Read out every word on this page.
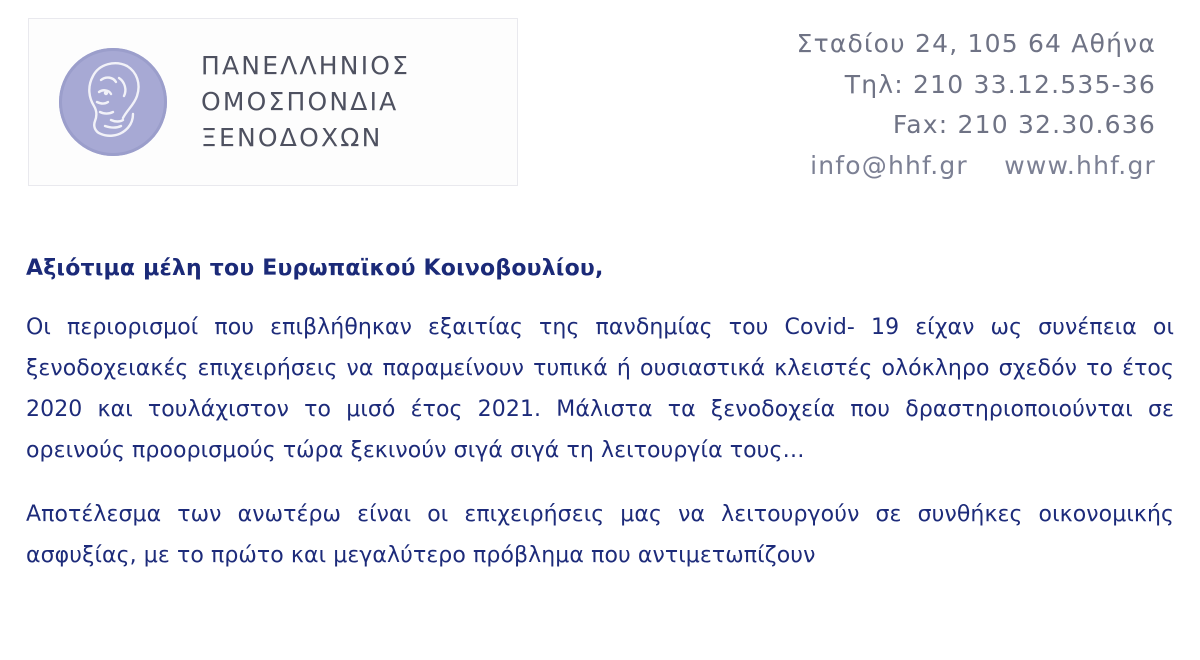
ΠΑΝΕΛΛΗΝΙΟΣ
ΟΜΟΣΠΟΝΔΙΑ
ΞΕΝΟΔΟΧΩΝ
Σταδίου 24, 105 64 Αθήνα
Τηλ: 210 33.12.535-36
Fax: 210 32.30.636
info@hhf.gr www.hhf.gr
Αξιότιμα μέλη του Ευρωπαϊκού Κοινοβουλίου,

Οι περιορισμοί που επιβλήθηκαν εξαιτίας της πανδημίας του Covid- 19 είχαν ως συνέπεια οι ξενοδοχειακές επιχειρήσεις να παραμείνουν τυπικά ή ουσιαστικά κλειστές ολόκληρο σχεδόν το έτος 2020 και τουλάχιστον το μισό έτος 2021. Μάλιστα τα ξενοδοχεία που δραστηριοποιούνται σε ορεινούς προορισμούς τώρα ξεκινούν σιγά σιγά τη λειτουργία τους…

Αποτέλεσμα των ανωτέρω είναι οι επιχειρήσεις μας να λειτουργούν σε συνθήκες οικονομικής ασφυξίας, με το πρώτο και μεγαλύτερο πρόβλημα που αντιμετωπίζουν
